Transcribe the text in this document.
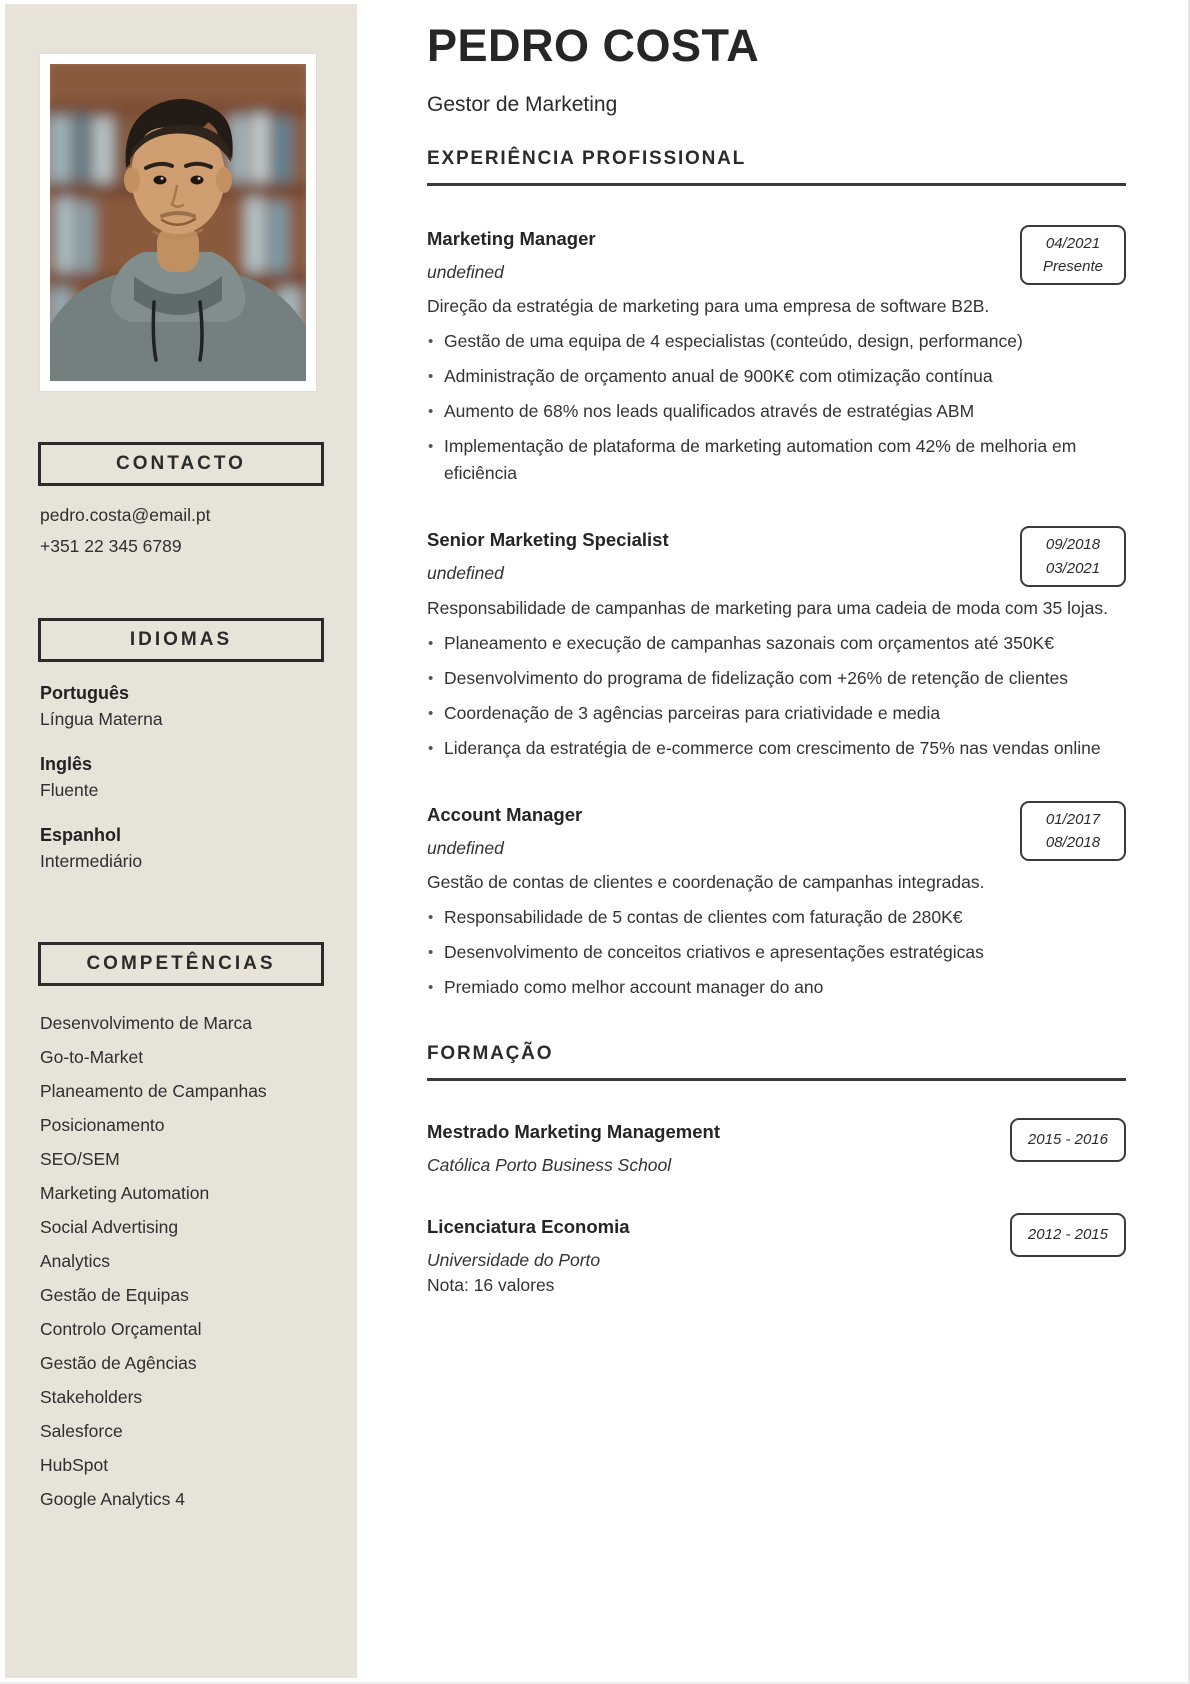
CONTACTO
pedro.costa@email.pt
+351 22 345 6789
IDIOMAS
Português
Língua Materna
Inglês
Fluente
Espanhol
Intermediário
COMPETÊNCIAS
Desenvolvimento de Marca
Go-to-Market
Planeamento de Campanhas
Posicionamento
SEO/SEM
Marketing Automation
Social Advertising
Analytics
Gestão de Equipas
Controlo Orçamental
Gestão de Agências
Stakeholders
Salesforce
HubSpot
Google Analytics 4
PEDRO COSTA
Gestor de Marketing
EXPERIÊNCIA PROFISSIONAL
Marketing Manager
undefined
04/2021
Presente
Direção da estratégia de marketing para uma empresa de software B2B.
• Gestão de uma equipa de 4 especialistas (conteúdo, design, performance)
• Administração de orçamento anual de 900K€ com otimização contínua
• Aumento de 68% nos leads qualificados através de estratégias ABM
• Implementação de plataforma de marketing automation com 42% de melhoria em eficiência
Senior Marketing Specialist
undefined
09/2018
03/2021
Responsabilidade de campanhas de marketing para uma cadeia de moda com 35 lojas.
• Planeamento e execução de campanhas sazonais com orçamentos até 350K€
• Desenvolvimento do programa de fidelização com +26% de retenção de clientes
• Coordenação de 3 agências parceiras para criatividade e media
• Liderança da estratégia de e-commerce com crescimento de 75% nas vendas online
Account Manager
undefined
01/2017
08/2018
Gestão de contas de clientes e coordenação de campanhas integradas.
• Responsabilidade de 5 contas de clientes com faturação de 280K€
• Desenvolvimento de conceitos criativos e apresentações estratégicas
• Premiado como melhor account manager do ano
FORMAÇÃO
Mestrado Marketing Management
Católica Porto Business School
2015 - 2016
Licenciatura Economia
Universidade do Porto
Nota: 16 valores
2012 - 2015
